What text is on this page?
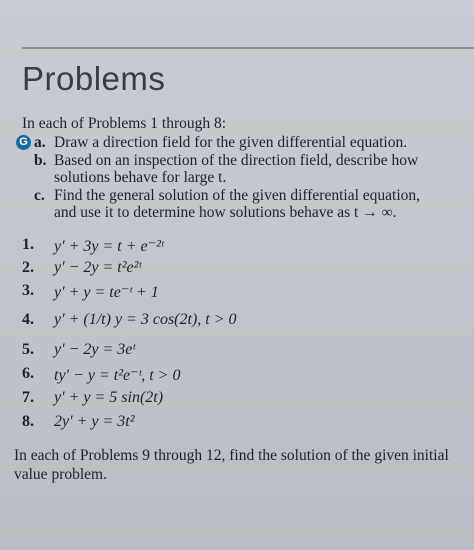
Problems
In each of Problems 1 through 8:
G a. Draw a direction field for the given differential equation.
b. Based on an inspection of the direction field, describe how
solutions behave for large t.
c. Find the general solution of the given differential equation,
and use it to determine how solutions behave as t → ∞.
1. y′ + 3y = t + e⁻²ᵗ
2. y′ − 2y = t²e²ᵗ
3. y′ + y = te⁻ᵗ + 1
4. y′ + (1/t) y = 3 cos(2t), t > 0
5. y′ − 2y = 3eᵗ
6. ty′ − y = t²e⁻ᵗ, t > 0
7. y′ + y = 5 sin(2t)
8. 2y′ + y = 3t²
In each of Problems 9 through 12, find the solution of the given initial value problem.
